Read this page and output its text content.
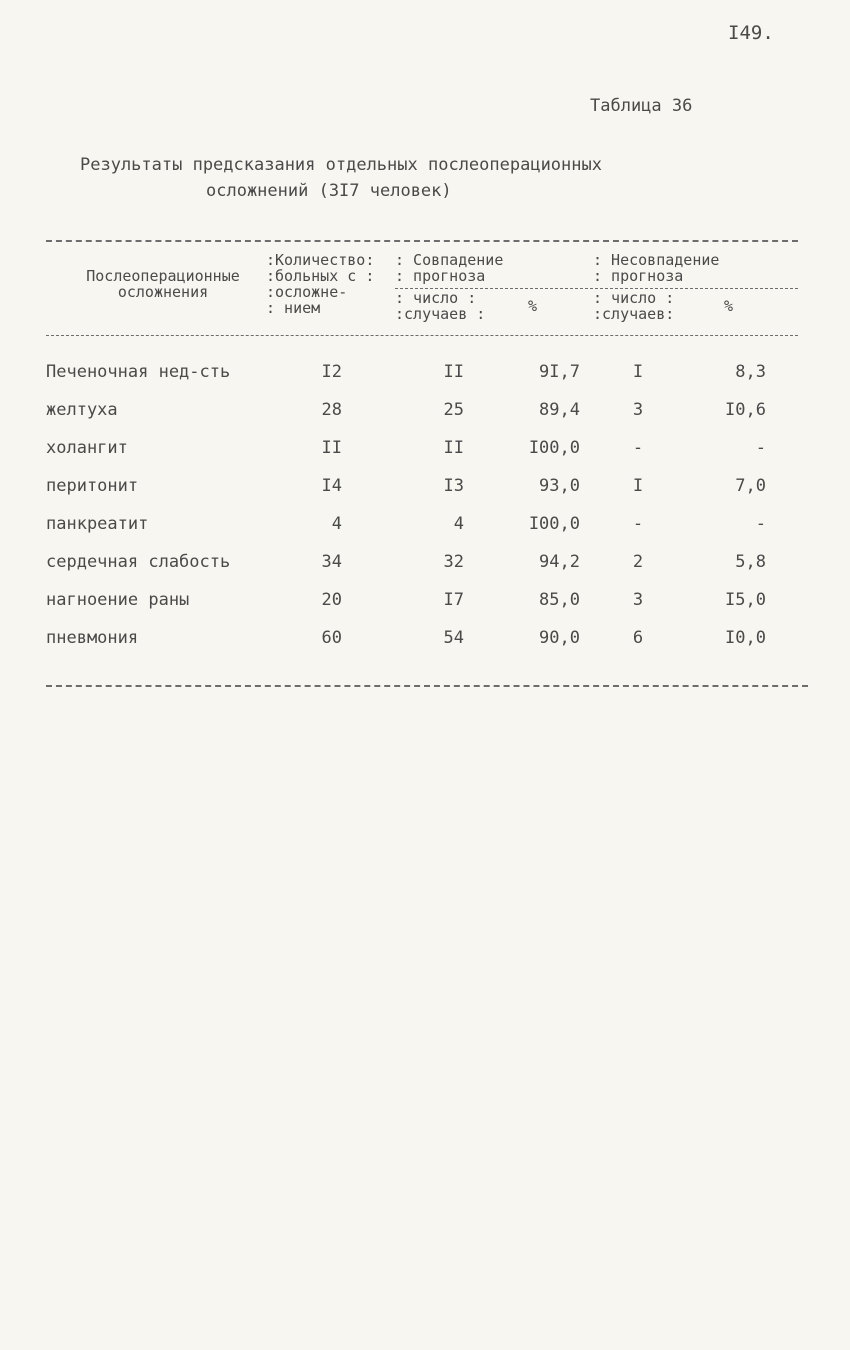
I49.
Таблица 36
Результаты предсказания отдельных послеоперационных
осложнений (3I7 человек)
Послеоперационные
осложнения
:Количество:
:больных с :
:осложне-
: нием
: Совпадение
: прогноза
: число :
:случаев :	%
: Несовпадение
: прогноза
: число :
:случаев:	%
Печеночная нед-сть	I2	II	9I,7	I	8,3
желтуха	28	25	89,4	3	I0,6
холангит	II	II	I00,0	-	-
перитонит	I4	I3	93,0	I	7,0
панкреатит	4	4	I00,0	-	-
сердечная слабость	34	32	94,2	2	5,8
нагноение раны	20	I7	85,0	3	I5,0
пневмония	60	54	90,0	6	I0,0
